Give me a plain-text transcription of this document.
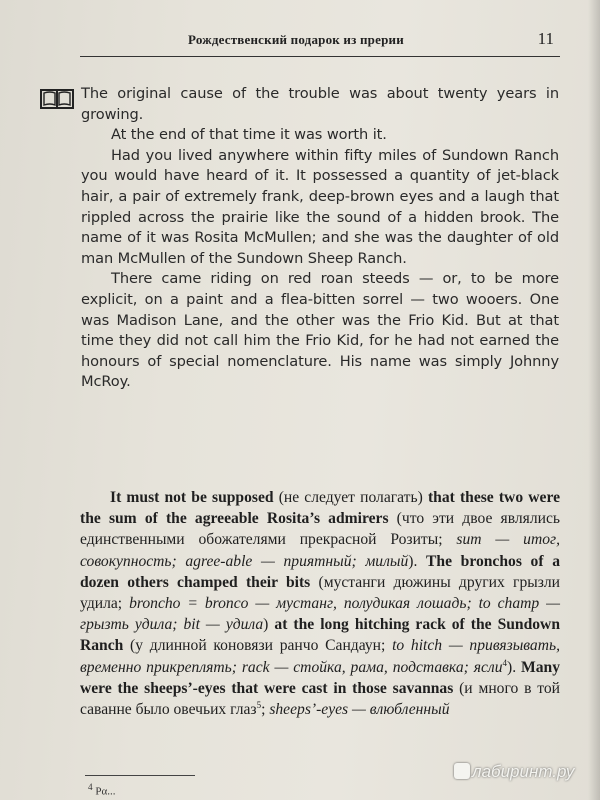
Рождественский подарок из прерии	11

The original cause of the trouble was about twenty years in growing.

At the end of that time it was worth it.

Had you lived anywhere within fifty miles of Sundown Ranch you would have heard of it. It possessed a quantity of jet-black hair, a pair of extremely frank, deep-brown eyes and a laugh that rippled across the prairie like the sound of a hidden brook. The name of it was Rosita McMullen; and she was the daughter of old man McMullen of the Sundown Sheep Ranch.

There came riding on red roan steeds — or, to be more explicit, on a paint and a flea-bitten sorrel — two wooers. One was Madison Lane, and the other was the Frio Kid. But at that time they did not call him the Frio Kid, for he had not earned the honours of special nomenclature. His name was simply Johnny McRoy.

It must not be supposed (не следует полагать) that these two were the sum of the agreeable Rosita’s admirers (что эти двое являлись единственными обожателями прекрасной Розиты; sum — итог, совокупность; agree-able — приятный; милый). The bronchos of a dozen others champed their bits (мустанги дюжины других грызли удила; broncho = bronco — мустанг, полудикая лошадь; to champ — грызть удила; bit — удила) at the long hitching rack of the Sundown Ranch (у длинной коновязи ранчо Сандаун; to hitch — привязывать, временно прикреплять; rack — стойка, рама, подставка; ясли$^4$). Many were the sheeps’-eyes that were cast in those savannas (и много в той саванне было овечьих глаз$^5$; sheeps’-eyes — влюбленный
$^4$ Ρα...
лабиринт.ру
